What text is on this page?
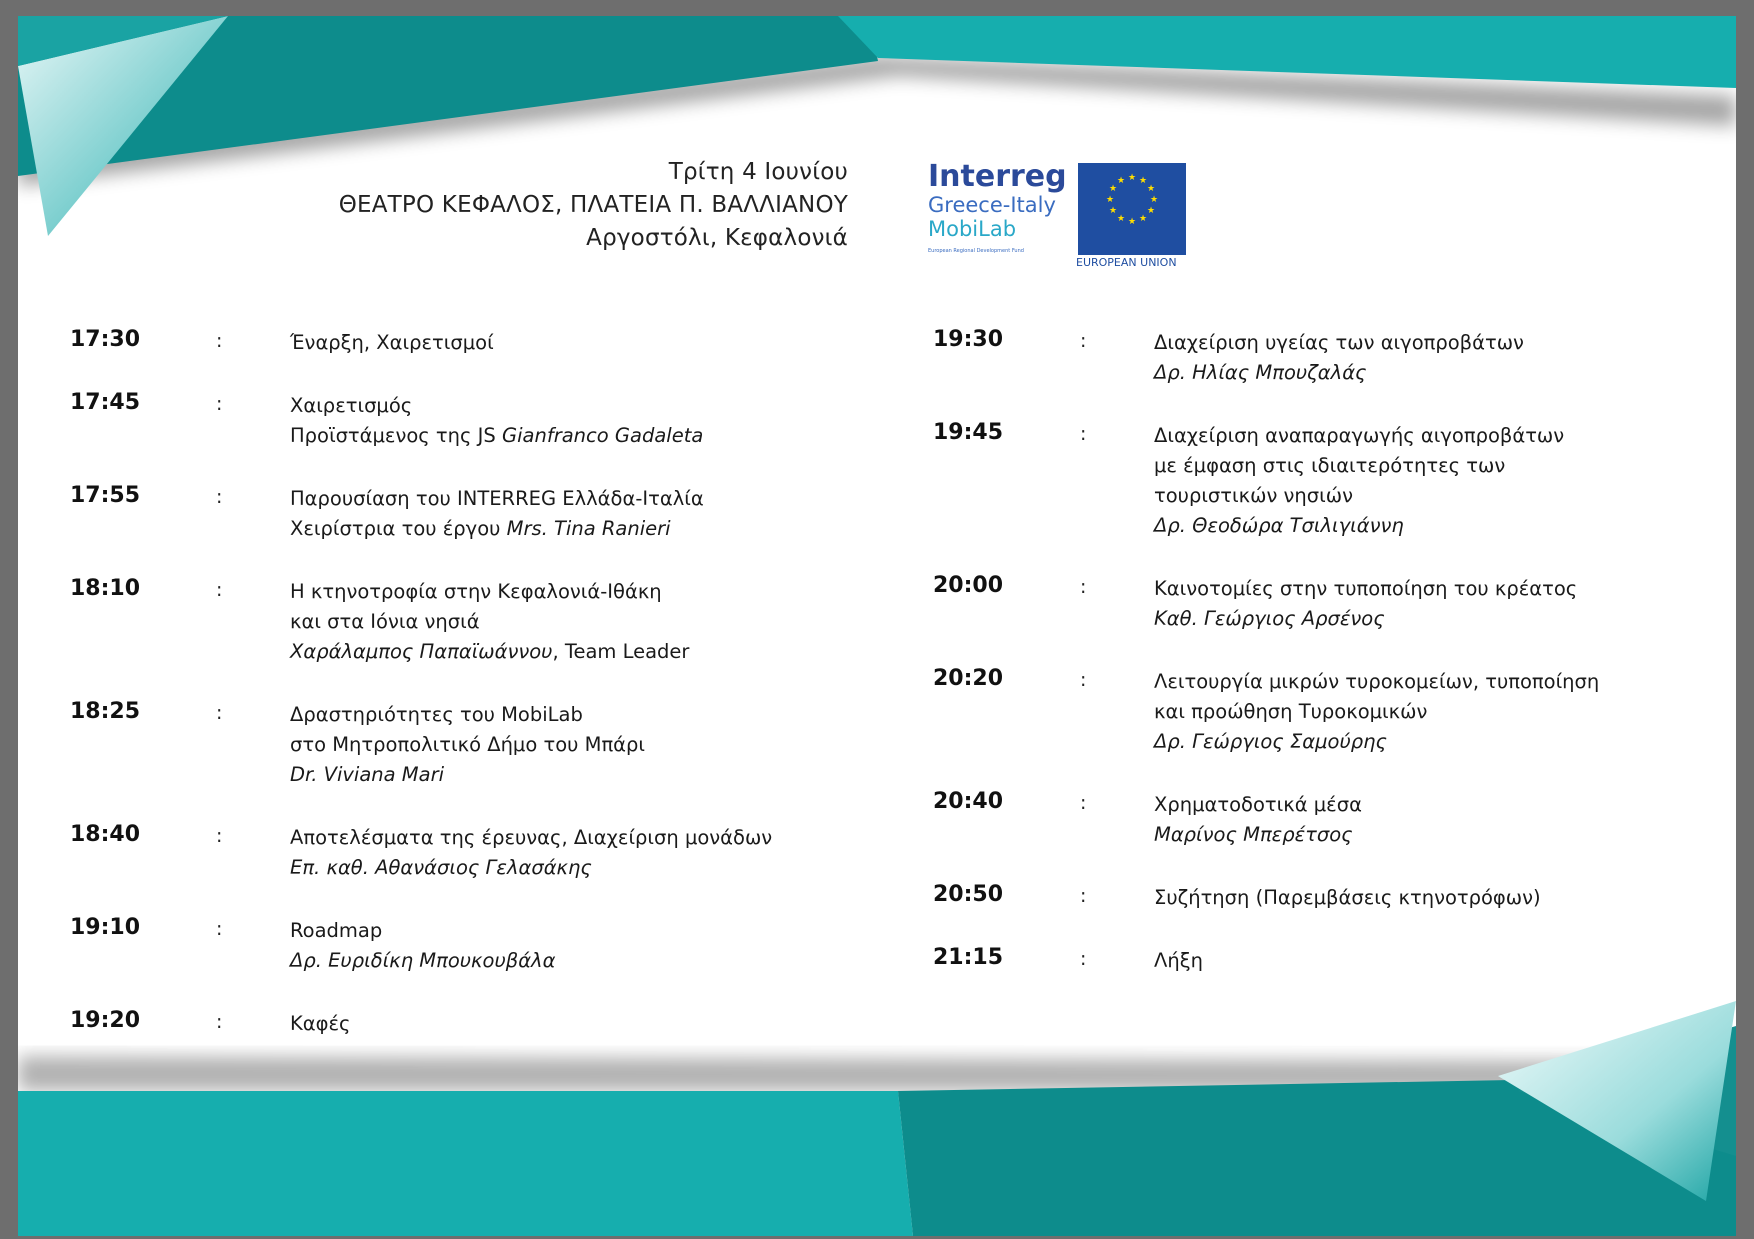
Τρίτη 4 Ιουνίου
ΘΕΑΤΡΟ ΚΕΦΑΛΟΣ, ΠΛΑΤΕΙΑ Π. ΒΑΛΛΙΑΝΟΥ
Αργοστόλι, Κεφαλονιά
Interreg
Greece-Italy
MobiLab
European Regional Development Fund
★ ★
★
★
★
★
★
★
★
★
★
★
EUROPEAN UNION
17:30	:	Έναρξη, Χαιρετισμοί
17:45	:	Χαιρετισμός
Προϊστάμενος της JS Gianfranco Gadaleta
17:55	:	Παρουσίαση του INTERREG Ελλάδα-Ιταλία
Χειρίστρια του έργου Mrs. Tina Ranieri
18:10	:	Η κτηνοτροφία στην Κεφαλονιά-Ιθάκη
και στα Ιόνια νησιά
Χαράλαμπος Παπαϊωάννου, Team Leader
18:25	:	Δραστηριότητες του MobiLab
στο Μητροπολιτικό Δήμο του Μπάρι
Dr. Viviana Mari
18:40	:	Αποτελέσματα της έρευνας, Διαχείριση μονάδων
Επ. καθ. Αθανάσιος Γελασάκης
19:10	:	Roadmap
Δρ. Ευριδίκη Μπουκουβάλα
19:20	:	Καφές
19:30	:	Διαχείριση υγείας των αιγοπροβάτων
Δρ. Ηλίας Μπουζαλάς
19:45	:	Διαχείριση αναπαραγωγής αιγοπροβάτων
με έμφαση στις ιδιαιτερότητες των
τουριστικών νησιών
Δρ. Θεοδώρα Τσιλιγιάννη
20:00	:	Καινοτομίες στην τυποποίηση του κρέατος
Καθ. Γεώργιος Αρσένος
20:20	:	Λειτουργία μικρών τυροκομείων, τυποποίηση
και προώθηση Τυροκομικών
Δρ. Γεώργιος Σαμούρης
20:40	:	Χρηματοδοτικά μέσα
Μαρίνος Μπερέτσος
20:50	:	Συζήτηση (Παρεμβάσεις κτηνοτρόφων)
21:15	:	Λήξη
